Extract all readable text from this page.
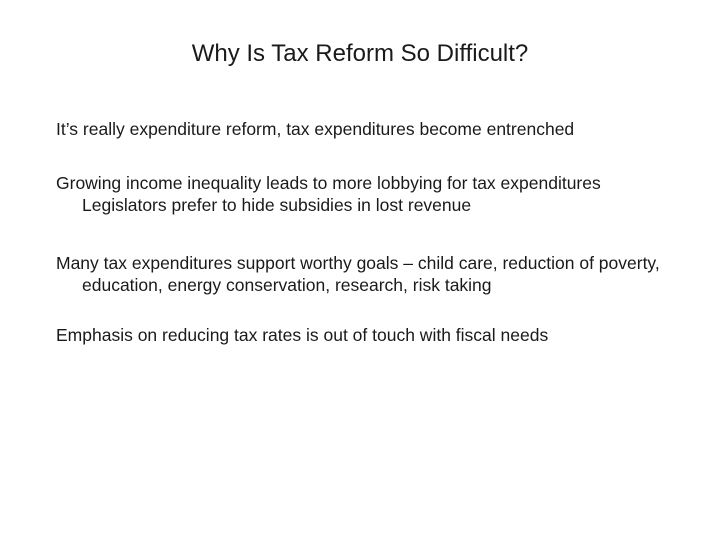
Why Is Tax Reform So Difficult?
It’s really expenditure reform, tax expenditures become entrenched
Growing income inequality leads to more lobbying for tax expenditures
Legislators prefer to hide subsidies in lost revenue
Many tax expenditures support worthy goals – child care, reduction of poverty, education, energy conservation, research, risk taking
Emphasis on reducing tax rates is out of touch with fiscal needs
